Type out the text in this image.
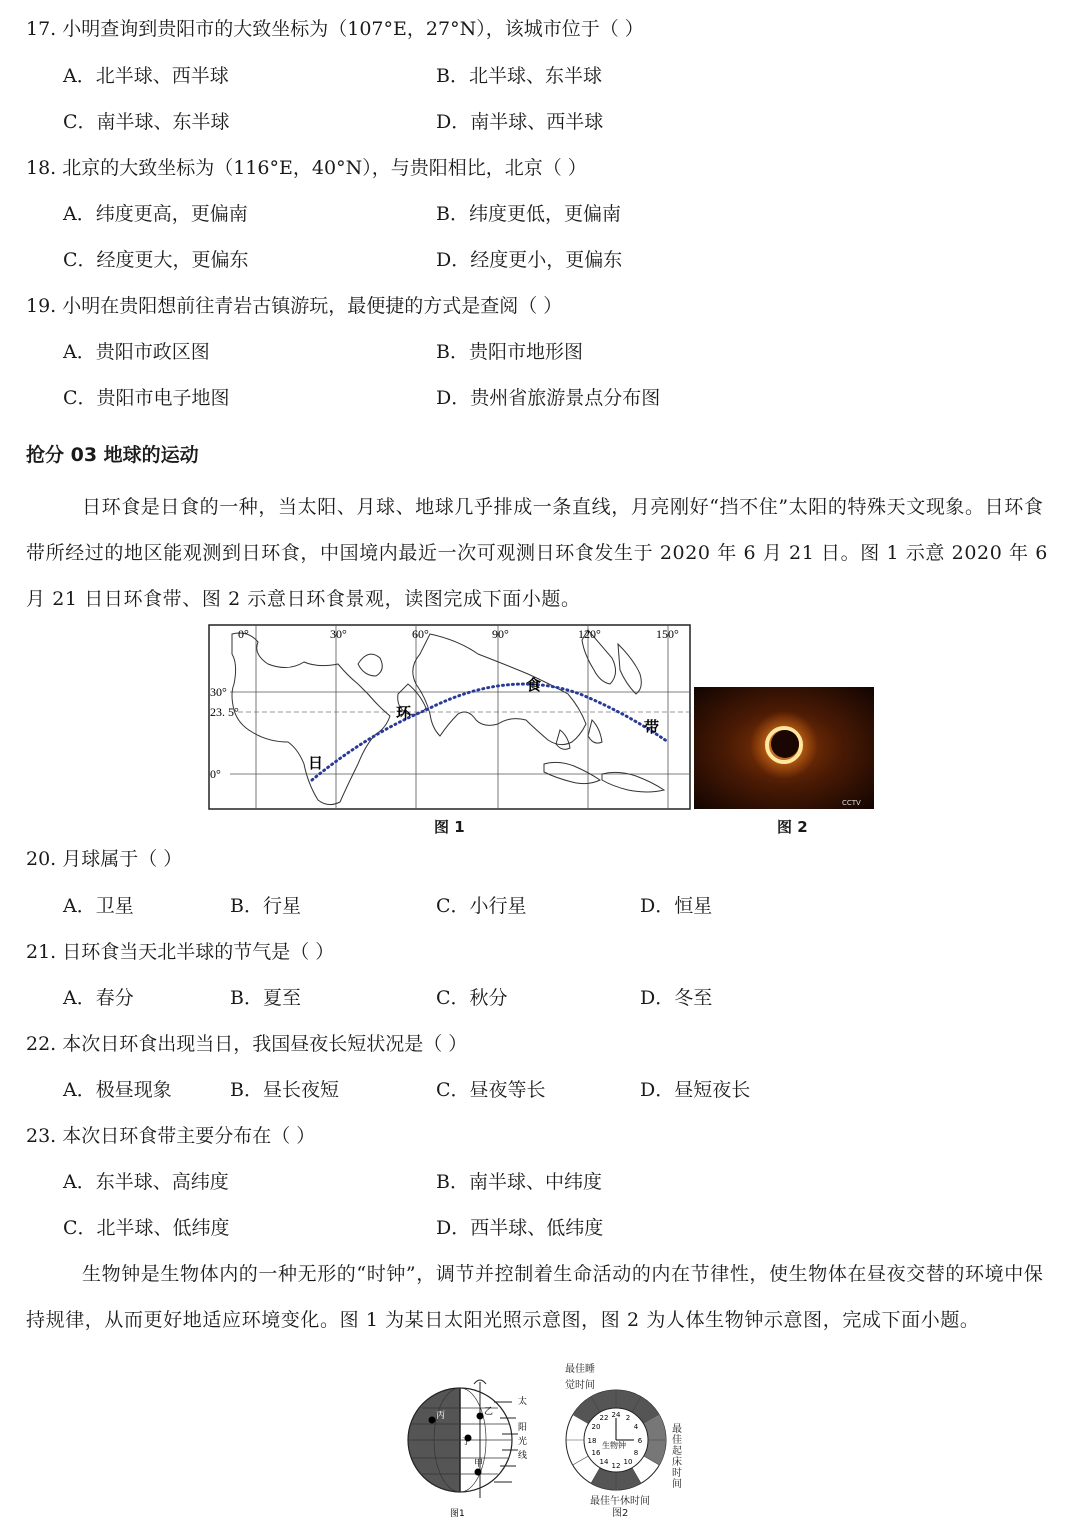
17. 小明查询到贵阳市的大致坐标为（107°E，27°N），该城市位于（ ）
A．北半球、西半球	B．北半球、东半球
C．南半球、东半球	D．南半球、西半球
18. 北京的大致坐标为（116°E，40°N），与贵阳相比，北京（ ）
A．纬度更高，更偏南	B．纬度更低，更偏南
C．经度更大，更偏东	D．经度更小，更偏东
19. 小明在贵阳想前往青岩古镇游玩，最便捷的方式是查阅（ ）
A．贵阳市政区图	B．贵阳市地形图
C．贵阳市电子地图	D．贵州省旅游景点分布图
抢分 03 地球的运动
日环食是日食的一种，当太阳、月球、地球几乎排成一条直线，月亮刚好“挡不住”太阳的特殊天文现象。日环食带所经过的地区能观测到日环食，中国境内最近一次可观测日环食发生于 2020 年 6 月 21 日。图 1 示意 2020 年 6 月 21 日日环食带、图 2 示意日环食景观，读图完成下面小题。
0°	30°	60°	90°	120°	150°
30°
23. 5°
0°
日
环
食
带
CCTV
图 1	图 2
20. 月球属于（ ）
A．卫星	B．行星	C．小行星	D．恒星
21. 日环食当天北半球的节气是（ ）
A．春分	B．夏至	C．秋分	D．冬至
22. 本次日环食出现当日，我国昼夜长短状况是（ ）
A．极昼现象	B．昼长夜短	C．昼夜等长	D．昼短夜长
23. 本次日环食带主要分布在（ ）
A．东半球、高纬度	B．南半球、中纬度
C．北半球、低纬度	D．西半球、低纬度
生物钟是生物体内的一种无形的“时钟”，调节并控制着生命活动的内在节律性，使生物体在昼夜交替的环境中保持规律，从而更好地适应环境变化。图 1 为某日太阳光照示意图，图 2 为人体生物钟示意图，完成下面小题。
太
阳
光
线
丙	乙
丁
甲
图1
最佳睡
觉时间
最佳起床时间
最佳午休时间
图2
24 2
4
6
8
10
12
14
16
18
20
22
生物钟
